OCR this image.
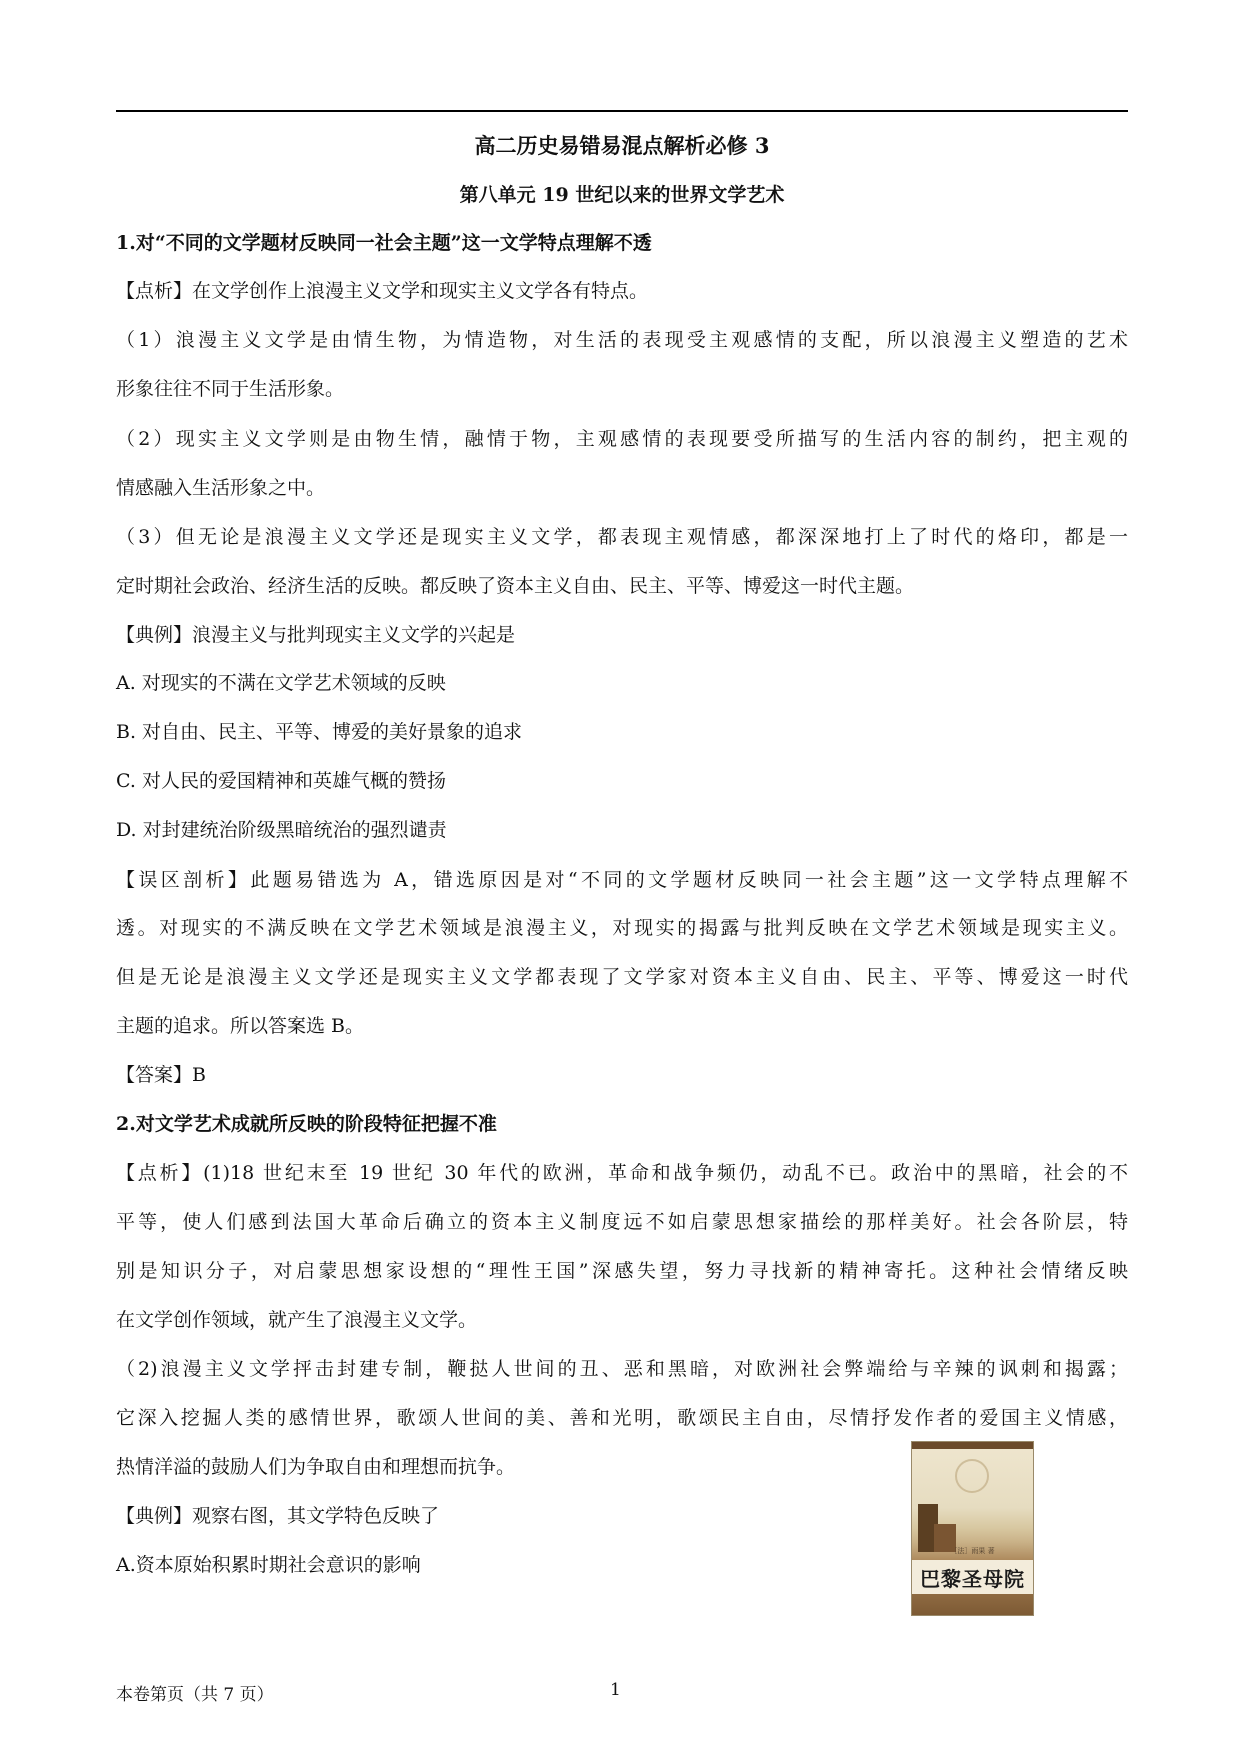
高二历史易错易混点解析必修 3
第八单元 19 世纪以来的世界文学艺术
1.对“不同的文学题材反映同一社会主题”这一文学特点理解不透
【点析】在文学创作上浪漫主义文学和现实主义文学各有特点。
（1）浪漫主义文学是由情生物，为情造物，对生活的表现受主观感情的支配，所以浪漫主义塑造的艺术
形象往往不同于生活形象。
（2）现实主义文学则是由物生情，融情于物，主观感情的表现要受所描写的生活内容的制约，把主观的
情感融入生活形象之中。
（3）但无论是浪漫主义文学还是现实主义文学，都表现主观情感，都深深地打上了时代的烙印，都是一
定时期社会政治、经济生活的反映。都反映了资本主义自由、民主、平等、博爱这一时代主题。
【典例】浪漫主义与批判现实主义文学的兴起是
A. 对现实的不满在文学艺术领域的反映
B. 对自由、民主、平等、博爱的美好景象的追求
C. 对人民的爱国精神和英雄气概的赞扬
D. 对封建统治阶级黑暗统治的强烈谴责
【误区剖析】此题易错选为 A，错选原因是对“不同的文学题材反映同一社会主题”这一文学特点理解不
透。对现实的不满反映在文学艺术领域是浪漫主义，对现实的揭露与批判反映在文学艺术领域是现实主义。
但是无论是浪漫主义文学还是现实主义文学都表现了文学家对资本主义自由、民主、平等、博爱这一时代
主题的追求。所以答案选 B。
【答案】B
2.对文学艺术成就所反映的阶段特征把握不准
【点析】(1)18 世纪末至 19 世纪 30 年代的欧洲，革命和战争频仍，动乱不已。政治中的黑暗，社会的不
平等，使人们感到法国大革命后确立的资本主义制度远不如启蒙思想家描绘的那样美好。社会各阶层，特
别是知识分子，对启蒙思想家设想的“理性王国”深感失望，努力寻找新的精神寄托。这种社会情绪反映
在文学创作领域，就产生了浪漫主义文学。
（2)浪漫主义文学抨击封建专制，鞭挞人世间的丑、恶和黑暗，对欧洲社会弊端给与辛辣的讽刺和揭露；
它深入挖掘人类的感情世界，歌颂人世间的美、善和光明，歌颂民主自由，尽情抒发作者的爱国主义情感，
热情洋溢的鼓励人们为争取自由和理想而抗争。
【典例】观察右图，其文学特色反映了
A.资本原始积累时期社会意识的影响
［法］雨果 著
巴黎圣母院
本卷第页（共 7 页）	1
